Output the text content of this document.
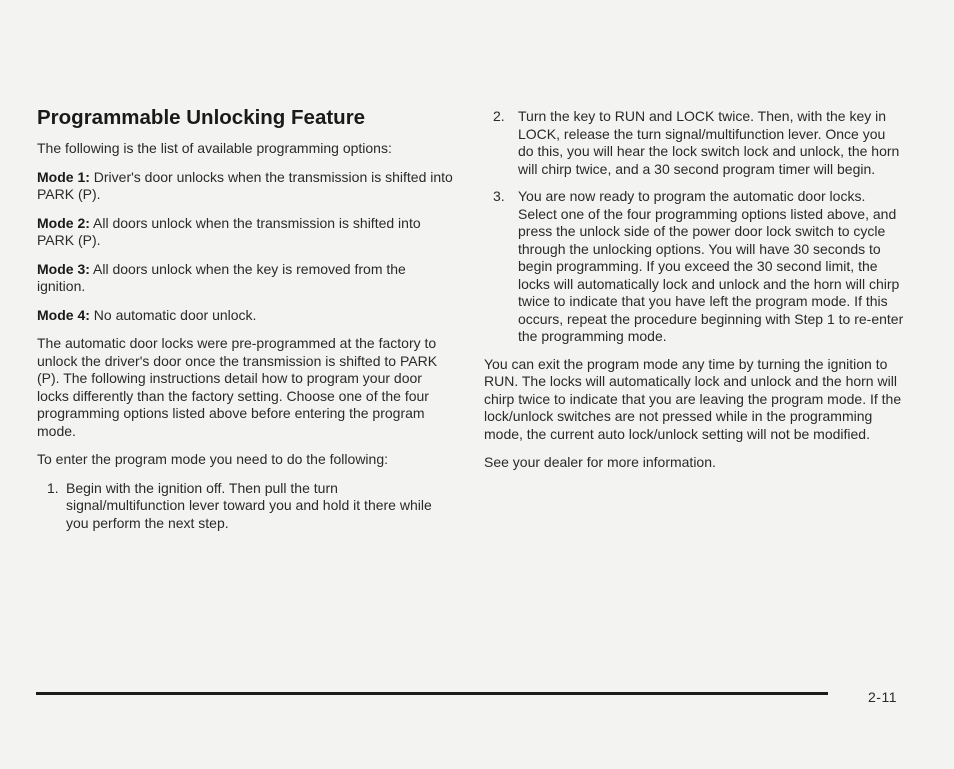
Programmable Unlocking Feature

The following is the list of available programming options:

Mode 1: Driver's door unlocks when the transmission is shifted into PARK (P).

Mode 2: All doors unlock when the transmission is shifted into PARK (P).

Mode 3: All doors unlock when the key is removed from the ignition.

Mode 4: No automatic door unlock.

The automatic door locks were pre-programmed at the factory to unlock the driver's door once the transmission is shifted to PARK (P). The following instructions detail how to program your door locks differently than the factory setting. Choose one of the four programming options listed above before entering the program mode.

To enter the program mode you need to do the following:

1. Begin with the ignition off. Then pull the turn signal/multifunction lever toward you and hold it there while you perform the next step.
2. Turn the key to RUN and LOCK twice. Then, with the key in LOCK, release the turn signal/multifunction lever. Once you do this, you will hear the lock switch lock and unlock, the horn will chirp twice, and a 30 second program timer will begin.
3. You are now ready to program the automatic door locks. Select one of the four programming options listed above, and press the unlock side of the power door lock switch to cycle through the unlocking options. You will have 30 seconds to begin programming. If you exceed the 30 second limit, the locks will automatically lock and unlock and the horn will chirp twice to indicate that you have left the program mode. If this occurs, repeat the procedure beginning with Step 1 to re-enter the programming mode.

You can exit the program mode any time by turning the ignition to RUN. The locks will automatically lock and unlock and the horn will chirp twice to indicate that you are leaving the program mode. If the lock/unlock switches are not pressed while in the programming mode, the current auto lock/unlock setting will not be modified.

See your dealer for more information.

2-11
